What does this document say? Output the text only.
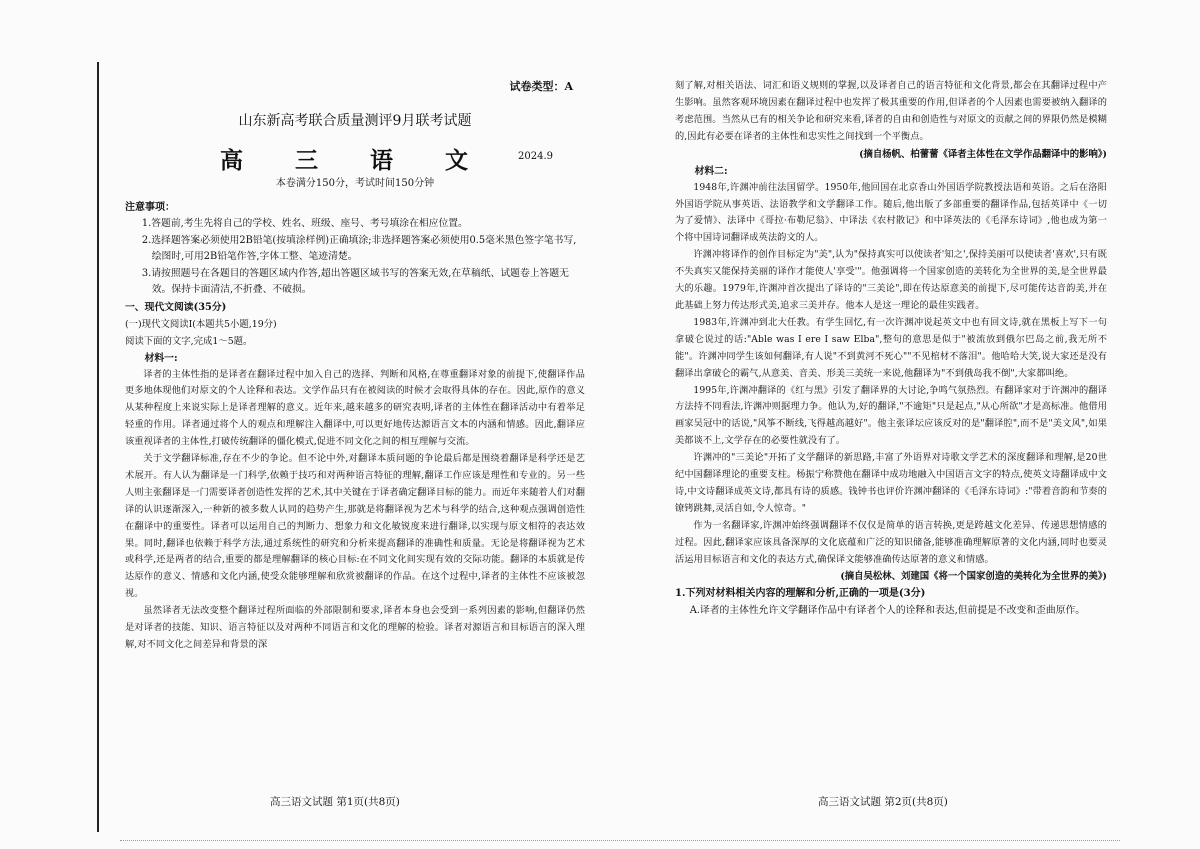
试卷类型：A

山东新高考联合质量测评9月联考试题

高 三 语 文	2024.9

本卷满分150分，考试时间150分钟

注意事项：

1.答题前,考生先将自己的学校、姓名、班级、座号、考号填涂在相应位置。
2.选择题答案必须使用2B铅笔(按填涂样例)正确填涂;非选择题答案必须使用0.5毫米黑色签字笔书写,绘图时,可用2B铅笔作答,字体工整、笔迹清楚。
3.请按照题号在各题目的答题区域内作答,超出答题区域书写的答案无效,在草稿纸、试题卷上答题无效。保持卡面清洁,不折叠、不破损。

一、现代文阅读(35分)

(一)现代文阅读Ⅰ(本题共5小题,19分)

阅读下面的文字,完成1～5题。

材料一:

译者的主体性指的是译者在翻译过程中加入自己的选择、判断和风格,在尊重翻译对象的前提下,使翻译作品更多地体现他们对原文的个人诠释和表达。文学作品只有在被阅读的时候才会取得具体的存在。因此,原作的意义从某种程度上来说实际上是译者理解的意义。近年来,越来越多的研究表明,译者的主体性在翻译活动中有着举足轻重的作用。译者通过将个人的观点和理解注入翻译中,可以更好地传达源语言文本的内涵和情感。因此,翻译应该重视译者的主体性,打破传统翻译的僵化模式,促进不同文化之间的相互理解与交流。

关于文学翻译标准,存在不少的争论。但不论中外,对翻译本质问题的争论最后都是围绕着翻译是科学还是艺术展开。有人认为翻译是一门科学,依赖于技巧和对两种语言特征的理解,翻译工作应该是理性和专业的。另一些人则主张翻译是一门需要译者创造性发挥的艺术,其中关键在于译者确定翻译目标的能力。而近年来随着人们对翻译的认识逐渐深入,一种新的被多数人认同的趋势产生,那就是将翻译视为艺术与科学的结合,这种观点强调创造性在翻译中的重要性。译者可以运用自己的判断力、想象力和文化敏锐度来进行翻译,以实现与原文相符的表达效果。同时,翻译也依赖于科学方法,通过系统性的研究和分析来提高翻译的准确性和质量。无论是将翻译视为艺术或科学,还是两者的结合,重要的都是理解翻译的核心目标:在不同文化间实现有效的交际功能。翻译的本质就是传达原作的意义、情感和文化内涵,使受众能够理解和欣赏被翻译的作品。在这个过程中,译者的主体性不应该被忽视。

虽然译者无法改变整个翻译过程所面临的外部限制和要求,译者本身也会受到一系列因素的影响,但翻译仍然是对译者的技能、知识、语言特征以及对两种不同语言和文化的理解的检验。译者对源语言和目标语言的深入理解,对不同文化之间差异和背景的深

高三语文试题 第1页(共8页)

刻了解,对相关语法、词汇和语义规则的掌握,以及译者自己的语言特征和文化背景,都会在其翻译过程中产生影响。虽然客观环境因素在翻译过程中也发挥了极其重要的作用,但译者的个人因素也需要被纳入翻译的考虑范围。当然从已有的相关争论和研究来看,译者的自由和创造性与对原文的贡献之间的界限仍然是模糊的,因此有必要在译者的主体性和忠实性之间找到一个平衡点。

(摘自杨帆、柏蕾蕾《译者主体性在文学作品翻译中的影响》)

材料二:

1948年,许渊冲前往法国留学。1950年,他回国在北京香山外国语学院教授法语和英语。之后在洛阳外国语学院从事英语、法语教学和文学翻译工作。随后,他出版了多部重要的翻译作品,包括英译中《一切为了爱情》、法译中《哥拉·布勒尼翁》、中译法《农村散记》和中译英法的《毛泽东诗词》,他也成为第一个将中国诗词翻译成英法韵文的人。

许渊冲将译作的创作目标定为"美",认为"保持真实可以使读者'知之',保持美丽可以使读者'喜欢',只有既不失真实又能保持美丽的译作才能使人'享受'"。他强调将一个国家创造的美转化为全世界的美,是全世界最大的乐趣。1979年,许渊冲首次提出了译诗的"三美论",即在传达原意美的前提下,尽可能传达音韵美,并在此基础上努力传达形式美,追求三美并存。他本人是这一理论的最佳实践者。

1983年,许渊冲到北大任教。有学生回忆,有一次许渊冲说起英文中也有回文诗,就在黑板上写下一句拿破仑说过的话:"Able was I ere I saw Elba",整句的意思是似于"被流放到俄尔巴岛之前,我无所不能"。许渊冲同学生该如何翻译,有人说"不到黄河不死心""不见棺材不落泪"。他哈哈大笑,说大家还是没有翻译出拿破仑的霸气,从意美、音美、形美三美统一来说,他翻译为"不到俄岛我不倒",大家都叫绝。

1995年,许渊冲翻译的《红与黑》引发了翻译界的大讨论,争鸣气氛热烈。有翻译家对于许渊冲的翻译方法持不同看法,许渊冲则据理力争。他认为,好的翻译,"不逾矩"只是起点,"从心所欲"才是高标准。他借用画家吴冠中的话说,"风筝不断线,飞得越高越好"。他主张译坛应该反对的是"翻译腔",而不是"美文风",如果美都谈不上,文学存在的必要性就没有了。

许渊冲的"三美论"开拓了文学翻译的新思路,丰富了外语界对诗歌文学艺术的深度翻译和理解,是20世纪中国翻译理论的重要支柱。杨振宁称赞他在翻译中成功地融入中国语言文字的特点,使英文诗翻译成中文诗,中文诗翻译成英文诗,都具有诗的质感。钱钟书也评价许渊冲翻译的《毛泽东诗词》:"带着音韵和节奏的镣铐跳舞,灵活自如,令人惊奇。"

作为一名翻译家,许渊冲始终强调翻译不仅仅是简单的语言转换,更是跨越文化差异、传递思想情感的过程。因此,翻译家应该具备深厚的文化底蕴和广泛的知识储备,能够准确理解原著的文化内涵,同时也要灵活运用目标语言和文化的表达方式,确保译文能够准确传达原著的意义和情感。

(摘自吴松林、刘建国《将一个国家创造的美转化为全世界的美》)

1.下列对材料相关内容的理解和分析,正确的一项是(3分)

A.译者的主体性允许文学翻译作品中有译者个人的诠释和表达,但前提是不改变和歪曲原作。

高三语文试题 第2页(共8页)
